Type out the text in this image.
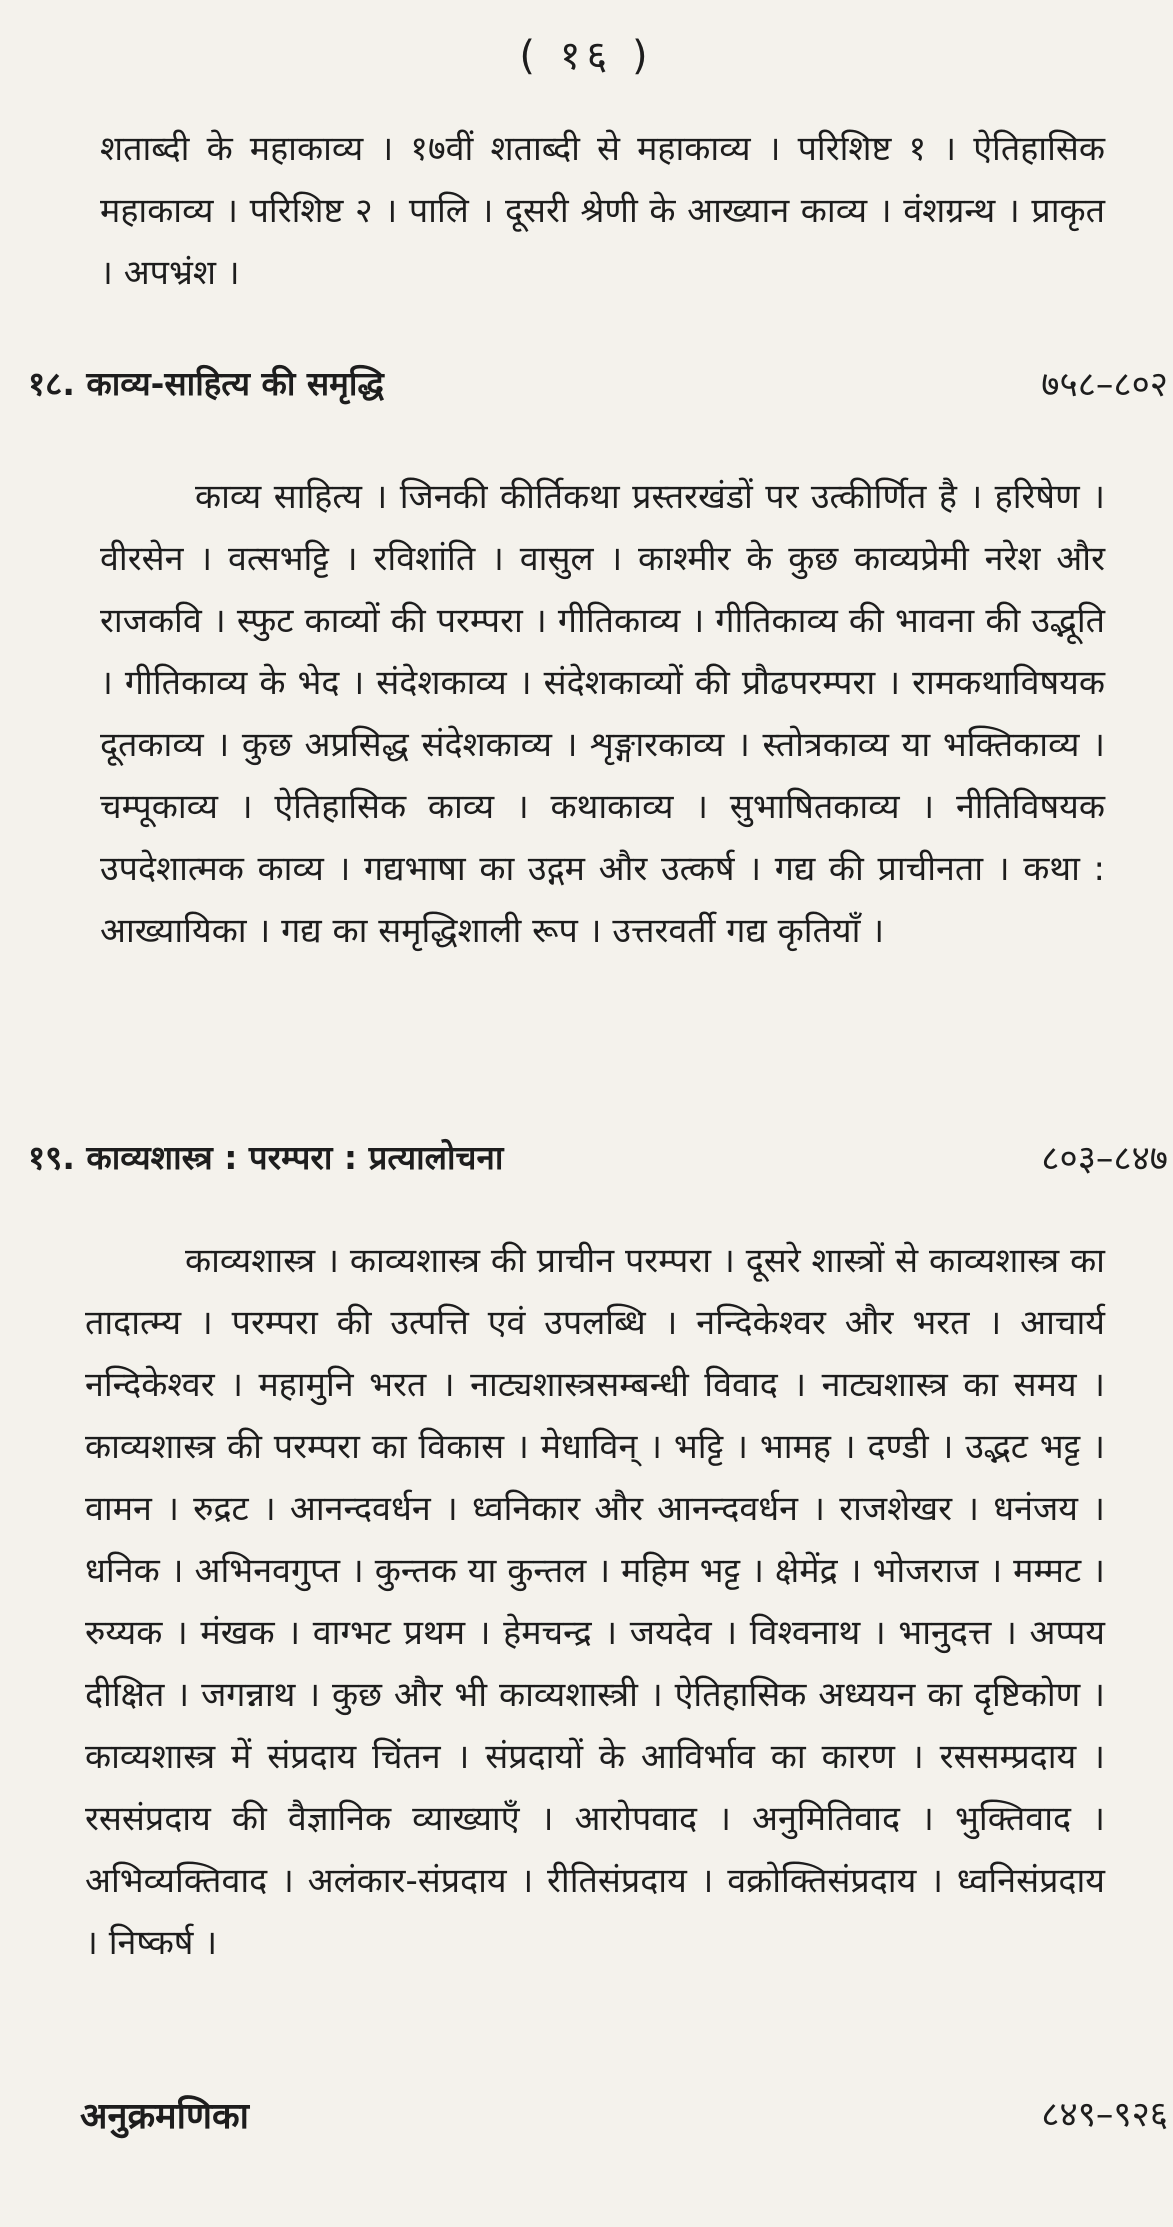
( १६ )

शताब्दी के महाकाव्य । १७वीं शताब्दी से महाकाव्य । परिशिष्ट १ । ऐतिहासिक महाकाव्य । परिशिष्ट २ । पालि । दूसरी श्रेणी के आख्यान काव्य । वंशग्रन्थ । प्राकृत । अपभ्रंश ।

१८. काव्य-साहित्य की समृद्धि	७५८–८०२

काव्य साहित्य । जिनकी कीर्तिकथा प्रस्तरखंडों पर उत्कीर्णित है । हरिषेण । वीरसेन । वत्सभट्टि । रविशांति । वासुल । काश्मीर के कुछ काव्यप्रेमी नरेश और राजकवि । स्फुट काव्यों की परम्परा । गीतिकाव्य । गीतिकाव्य की भावना की उद्भूति । गीतिकाव्य के भेद । संदेशकाव्य । संदेशकाव्यों की प्रौढपरम्परा । रामकथाविषयक दूतकाव्य । कुछ अप्रसिद्ध संदेशकाव्य । शृङ्गारकाव्य । स्तोत्रकाव्य या भक्तिकाव्य । चम्पूकाव्य । ऐतिहासिक काव्य । कथाकाव्य । सुभाषितकाव्य । नीतिविषयक उपदेशात्मक काव्य । गद्यभाषा का उद्गम और उत्कर्ष । गद्य की प्राचीनता । कथा : आख्यायिका । गद्य का समृद्धिशाली रूप । उत्तरवर्ती गद्य कृतियाँ ।

१९. काव्यशास्त्र : परम्परा : प्रत्यालोचना	८०३–८४७

काव्यशास्त्र । काव्यशास्त्र की प्राचीन परम्परा । दूसरे शास्त्रों से काव्यशास्त्र का तादात्म्य । परम्परा की उत्पत्ति एवं उपलब्धि । नन्दिकेश्वर और भरत । आचार्य नन्दिकेश्वर । महामुनि भरत । नाट्यशास्त्रसम्बन्धी विवाद । नाट्यशास्त्र का समय । काव्यशास्त्र की परम्परा का विकास । मेधाविन् । भट्टि । भामह । दण्डी । उद्भट भट्ट । वामन । रुद्रट । आनन्दवर्धन । ध्वनिकार और आनन्दवर्धन । राजशेखर । धनंजय । धनिक । अभिनवगुप्त । कुन्तक या कुन्तल । महिम भट्ट । क्षेमेंद्र । भोजराज । मम्मट । रुय्यक । मंखक । वाग्भट प्रथम । हेमचन्द्र । जयदेव । विश्वनाथ । भानुदत्त । अप्पय दीक्षित । जगन्नाथ । कुछ और भी काव्यशास्त्री । ऐतिहासिक अध्ययन का दृष्टिकोण । काव्यशास्त्र में संप्रदाय चिंतन । संप्रदायों के आविर्भाव का कारण । रससम्प्रदाय । रससंप्रदाय की वैज्ञानिक व्याख्याएँ । आरोपवाद । अनुमितिवाद । भुक्तिवाद । अभिव्यक्तिवाद । अलंकार-संप्रदाय । रीतिसंप्रदाय । वक्रोक्तिसंप्रदाय । ध्वनिसंप्रदाय । निष्कर्ष ।

अनुक्रमणिका	८४९–९२६
